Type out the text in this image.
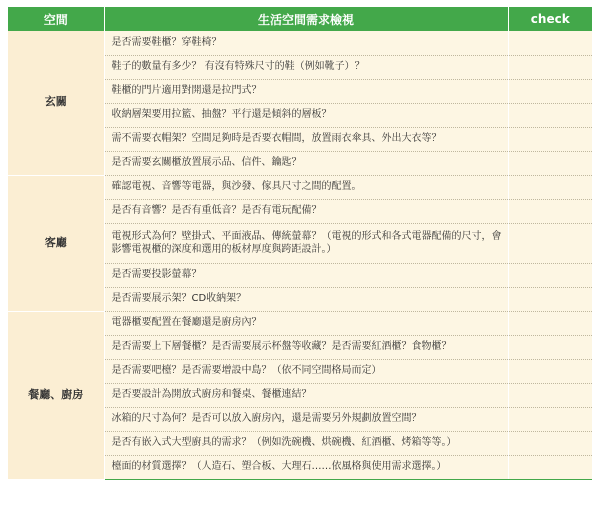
空間	生活空間需求檢視	check
玄關	是否需要鞋櫃？穿鞋椅？	
	鞋子的數量有多少？ 有沒有特殊尺寸的鞋（例如靴子）？	
	鞋櫃的門片適用對開還是拉門式？	
	收納層架要用拉籃、抽盤？平行還是傾斜的層板？	
	需不需要衣帽架？空間足夠時是否要衣帽間，放置雨衣傘具、外出大衣等？	
	是否需要玄關櫃放置展示品、信件、鑰匙？	
客廳	確認電視、音響等電器，與沙發、傢具尺寸之間的配置。	
	是否有音響？是否有重低音？是否有電玩配備？	
	電視形式為何？壁掛式、平面液晶、傳統螢幕？（電視的形式和各式電器配備的尺寸，會影響電視櫃的深度和選用的板材厚度與跨距設計。）	
	是否需要投影螢幕？	
	是否需要展示架？CD收納架？	
餐廳、廚房	電器櫃要配置在餐廳還是廚房內？	
	是否需要上下層餐櫃？是否需要展示杯盤等收藏？是否需要紅酒櫃？食物櫃？	
	是否需要吧檯？是否需要增設中島？（依不同空間格局而定）	
	是否要設計為開放式廚房和餐桌、餐櫃連結？	
	冰箱的尺寸為何？是否可以放入廚房內，還是需要另外規劃放置空間？	
	是否有嵌入式大型廚具的需求？（例如洗碗機、烘碗機、紅酒櫃、烤箱等等。）	
	檯面的材質選擇？（人造石、塑合板、大理石……依風格與使用需求選擇。）	
